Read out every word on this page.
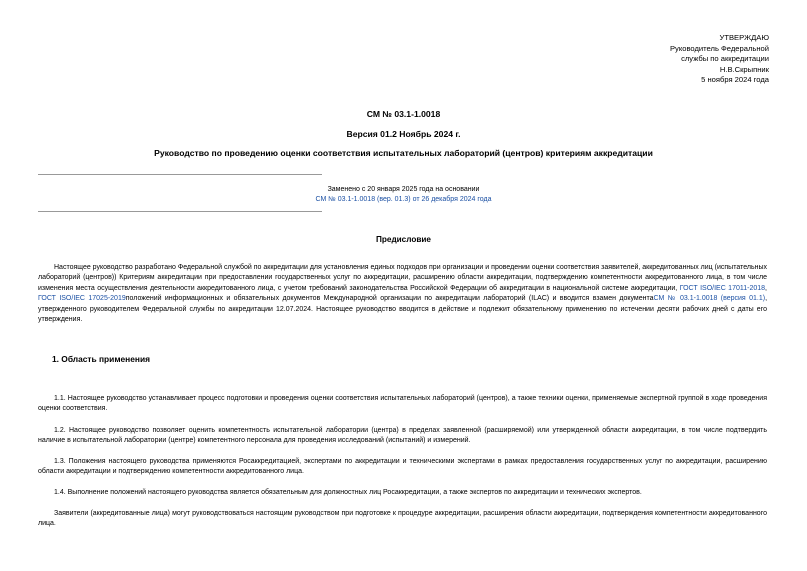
УТВЕРЖДАЮ
Руководитель Федеральной
службы по аккредитации
Н.В.Скрыпник
5 ноября 2024 года
СМ № 03.1-1.0018
Версия 01.2 Ноябрь 2024 г.
Руководство по проведению оценки соответствия испытательных лабораторий (центров) критериям аккредитации
Заменено с 20 января 2025 года на основании
СМ № 03.1-1.0018 (вер. 01.3) от 26 декабря 2024 года
Предисловие
Настоящее руководство разработано Федеральной службой по аккредитации для установления единых подходов при организации и проведении оценки соответствия заявителей, аккредитованных лиц (испытательных лабораторий (центров)) Критериям аккредитации при предоставлении государственных услуг по аккредитации, расширению области аккредитации, подтверждению компетентности аккредитованного лица, в том числе изменения места осуществления деятельности аккредитованного лица, с учетом требований законодательства Российской Федерации об аккредитации в национальной системе аккредитации, ГОСТ ISO/IEC 17011-2018, ГОСТ ISO/IEC 17025-2019положений информационных и обязательных документов Международной организации по аккредитации лабораторий (ILAC) и вводится взамен документаСМ № 03.1-1.0018 (версия 01.1), утвержденного руководителем Федеральной службы по аккредитации 12.07.2024. Настоящее руководство вводится в действие и подлежит обязательному применению по истечении десяти рабочих дней с даты его утверждения.
1. Область применения
1.1. Настоящее руководство устанавливает процесс подготовки и проведения оценки соответствия испытательных лабораторий (центров), а также техники оценки, применяемые экспертной группой в ходе проведения оценки соответствия.
1.2. Настоящее руководство позволяет оценить компетентность испытательной лаборатории (центра) в пределах заявленной (расширяемой) или утвержденной области аккредитации, в том числе подтвердить наличие в испытательной лаборатории (центре) компетентного персонала для проведения исследований (испытаний) и измерений.
1.3. Положения настоящего руководства применяются Росаккредитацией, экспертами по аккредитации и техническими экспертами в рамках предоставления государственных услуг по аккредитации, расширению области аккредитации и подтверждению компетентности аккредитованного лица.
1.4. Выполнение положений настоящего руководства является обязательным для должностных лиц Росаккредитации, а также экспертов по аккредитации и технических экспертов.
Заявители (аккредитованные лица) могут руководствоваться настоящим руководством при подготовке к процедуре аккредитации, расширения области аккредитации, подтверждения компетентности аккредитованного лица.
